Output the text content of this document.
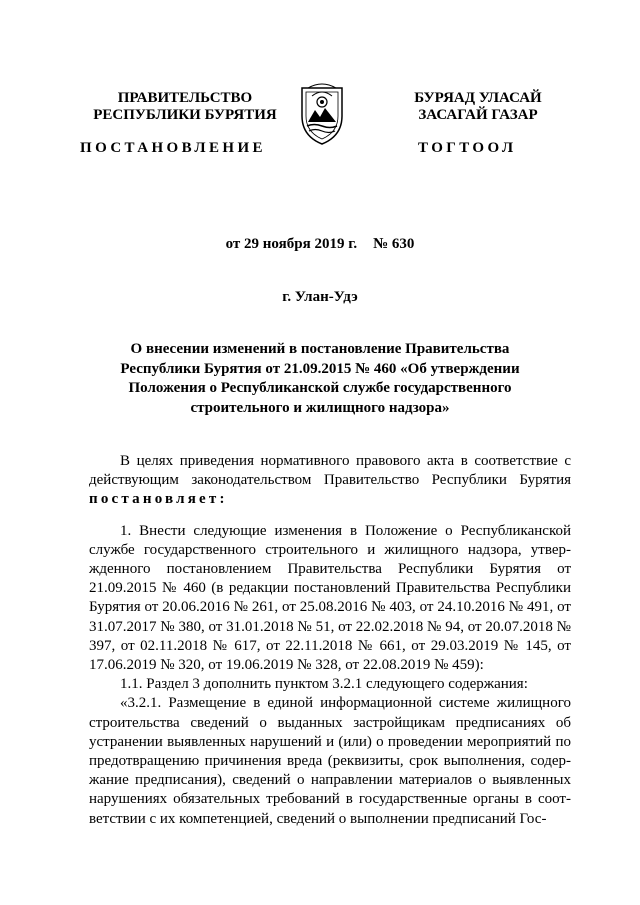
ПРАВИТЕЛЬСТВО
РЕСПУБЛИКИ БУРЯТИЯ
БУРЯАД УЛАСАЙ
ЗАСАГАЙ ГАЗАР
ПОСТАНОВЛЕНИЕ	ТОГТООЛ
от 29 ноября 2019 г. № 630
г. Улан-Удэ
О внесении изменений в постановление Правительства
Республики Бурятия от 21.09.2015 № 460 «Об утверждении
Положения о Республиканской службе государственного
строительного и жилищного надзора»

В целях приведения нормативного правового акта в соответствие с действующим законодательством Правительство Республики Бурятия постановляет:

1. Внести следующие изменения в Положение о Республиканской службе государственного строительного и жилищного надзора, утвержденного постановлением Правительства Республики Бурятия от 21.09.2015 № 460 (в редакции постановлений Правительства Республики Бурятия от 20.06.2016 № 261, от 25.08.2016 № 403, от 24.10.2016 № 491, от 31.07.2017 № 380, от 31.01.2018 № 51, от 22.02.2018 № 94, от 20.07.2018 № 397, от 02.11.2018 № 617, от 22.11.2018 № 661, от 29.03.2019 № 145, от 17.06.2019 № 320, от 19.06.2019 № 328, от 22.08.2019 № 459):

1.1. Раздел 3 дополнить пунктом 3.2.1 следующего содержания:

«3.2.1. Размещение в единой информационной системе жилищного строительства сведений о выданных застройщикам предписаниях об устранении выявленных нарушений и (или) о проведении мероприятий по предотвращению причинения вреда (реквизиты, срок выполнения, содержание предписания), сведений о направлении материалов о выявленных нарушениях обязательных требований в государственные органы в соответствии с их компетенцией, сведений о выполнении предписаний Гос-
